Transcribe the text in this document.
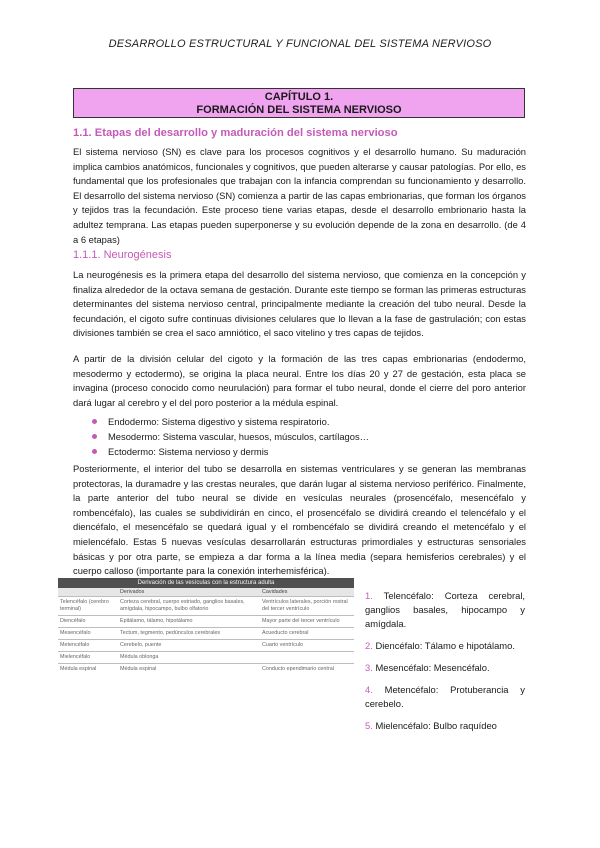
DESARROLLO ESTRUCTURAL Y FUNCIONAL DEL SISTEMA NERVIOSO
CAPÍTULO 1.
FORMACIÓN DEL SISTEMA NERVIOSO
1.1. Etapas del desarrollo y maduración del sistema nervioso

El sistema nervioso (SN) es clave para los procesos cognitivos y el desarrollo humano. Su maduración implica cambios anatómicos, funcionales y cognitivos, que pueden alterarse y causar patologías. Por ello, es fundamental que los profesionales que trabajan con la infancia comprendan su funcionamiento y desarrollo. El desarrollo del sistema nervioso (SN) comienza a partir de las capas embrionarias, que forman los órganos y tejidos tras la fecundación. Este proceso tiene varias etapas, desde el desarrollo embrionario hasta la adultez temprana. Las etapas pueden superponerse y su evolución depende de la zona en desarrollo. (de 4 a 6 etapas)

1.1.1. Neurogénesis

La neurogénesis es la primera etapa del desarrollo del sistema nervioso, que comienza en la concepción y finaliza alrededor de la octava semana de gestación. Durante este tiempo se forman las primeras estructuras determinantes del sistema nervioso central, principalmente mediante la creación del tubo neural. Desde la fecundación, el cigoto sufre continuas divisiones celulares que lo llevan a la fase de gastrulación; con estas divisiones también se crea el saco amniótico, el saco vitelino y tres capas de tejidos.

A partir de la división celular del cigoto y la formación de las tres capas embrionarias (endodermo, mesodermo y ectodermo), se origina la placa neural. Entre los días 20 y 27 de gestación, esta placa se invagina (proceso conocido como neurulación) para formar el tubo neural, donde el cierre del poro anterior dará lugar al cerebro y el del poro posterior a la médula espinal.

Endodermo: Sistema digestivo y sistema respiratorio.
Mesodermo: Sistema vascular, huesos, músculos, cartílagos…
Ectodermo: Sistema nervioso y dermis

Posteriormente, el interior del tubo se desarrolla en sistemas ventriculares y se generan las membranas protectoras, la duramadre y las crestas neurales, que darán lugar al sistema nervioso periférico. Finalmente, la parte anterior del tubo neural se divide en vesículas neurales (prosencéfalo, mesencéfalo y rombencéfalo), las cuales se subdividirán en cinco, el prosencéfalo se dividirá creando el telencéfalo y el diencéfalo, el mesencéfalo se quedará igual y el rombencéfalo se dividirá creando el metencéfalo y el mielencéfalo. Estas 5 nuevas vesículas desarrollarán estructuras primordiales y estructuras sensoriales básicas y por otra parte, se empieza a dar forma a la línea media (separa hemisferios cerebrales) y el cuerpo calloso (importante para la conexión interhemisférica).

Derivación de las vesículas con la estructura adulta		
	Derivados	Cavidades
Telencéfalo (cerebro terminal)	Corteza cerebral, cuerpo estriado, ganglios basales, amígdala, hipocampo, bulbo olfatorio	Ventrículos laterales, porción rostral del tercer ventrículo
Diencéfalo	Epitálamo, tálamo, hipotálamo	Mayor parte del tercer ventrículo
Mesencéfalo	Tectum, tegmento, pedúnculos cerebrales	Acueducto cerebral
Metencéfalo	Cerebelo, puente	Cuarto ventrículo
Mielencéfalo	Médula oblonga	
Médula espinal	Médula espinal	Conducto ependimario central
1. Telencéfalo: Corteza cerebral, ganglios basales, hipocampo y amígdala.
2. Diencéfalo: Tálamo e hipotálamo.
3. Mesencéfalo: Mesencéfalo.
4. Metencéfalo: Protuberancia y cerebelo.
5. Mielencéfalo: Bulbo raquídeo
